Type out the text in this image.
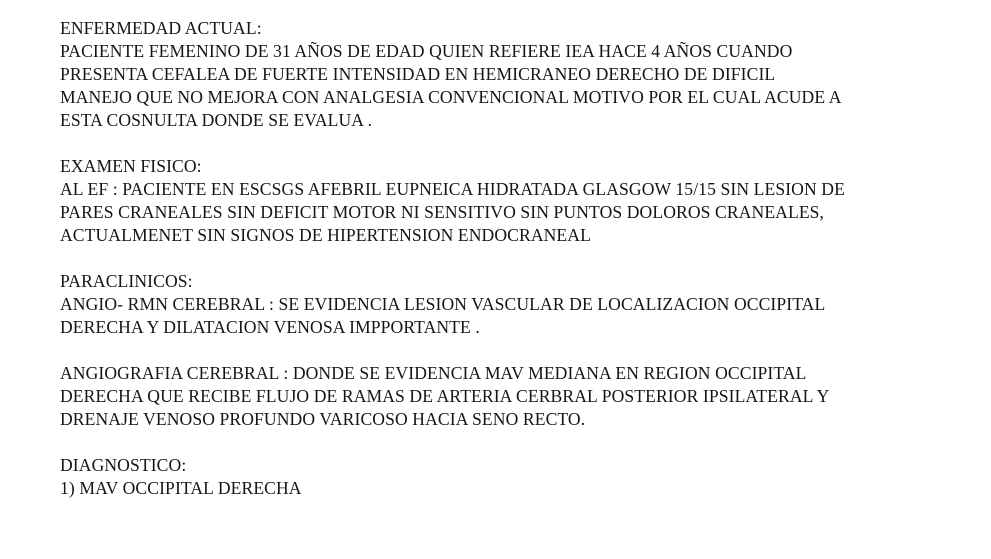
ENFERMEDAD ACTUAL:
PACIENTE FEMENINO DE 31 AÑOS DE EDAD QUIEN REFIERE IEA HACE 4 AÑOS CUANDO
PRESENTA CEFALEA DE FUERTE INTENSIDAD EN HEMICRANEO DERECHO DE DIFICIL
MANEJO QUE NO MEJORA CON ANALGESIA CONVENCIONAL MOTIVO POR EL CUAL ACUDE A
ESTA COSNULTA DONDE SE EVALUA .
EXAMEN FISICO:
AL EF : PACIENTE EN ESCSGS AFEBRIL EUPNEICA HIDRATADA GLASGOW 15/15 SIN LESION DE
PARES CRANEALES SIN DEFICIT MOTOR NI SENSITIVO SIN PUNTOS DOLOROS CRANEALES,
ACTUALMENET SIN SIGNOS DE HIPERTENSION ENDOCRANEAL
PARACLINICOS:
ANGIO- RMN CEREBRAL : SE EVIDENCIA LESION VASCULAR DE LOCALIZACION OCCIPITAL
DERECHA Y DILATACION VENOSA IMPPORTANTE .
ANGIOGRAFIA CEREBRAL : DONDE SE EVIDENCIA MAV MEDIANA EN REGION OCCIPITAL
DERECHA QUE RECIBE FLUJO DE RAMAS DE ARTERIA CERBRAL POSTERIOR IPSILATERAL Y
DRENAJE VENOSO PROFUNDO VARICOSO HACIA SENO RECTO.
DIAGNOSTICO:
1) MAV OCCIPITAL DERECHA
